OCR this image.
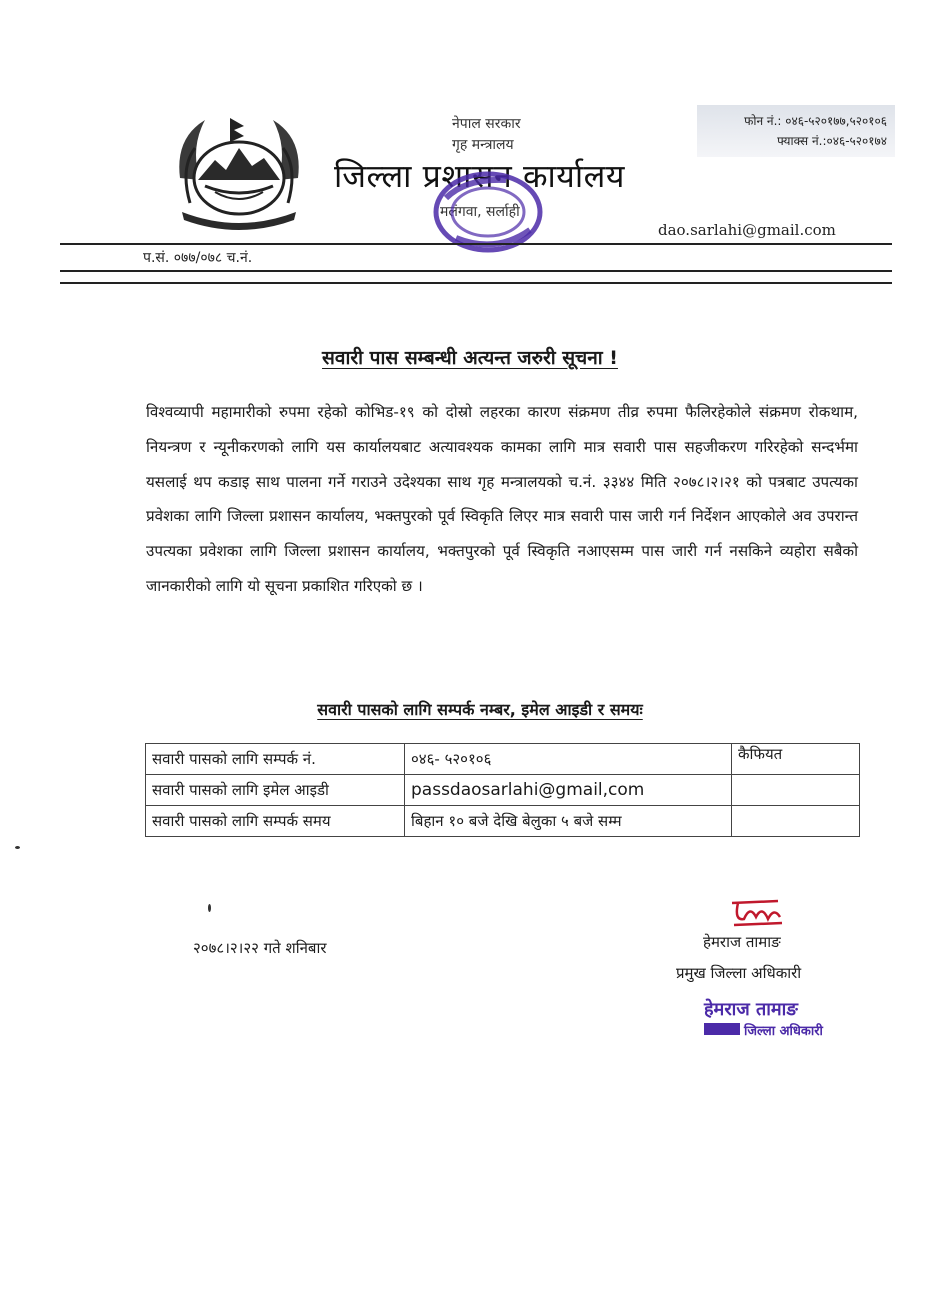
नेपाल सरकार
गृह मन्त्रालय
जिल्ला प्रशासन कार्यालय
मलंगवा, सर्लाही
फोन नं.: ०४६-५२०१७७,५२०१०६
फ्याक्स नं.:०४६-५२०१७४
dao.sarlahi@gmail.com
प.सं. ०७७/०७८ च.नं.
सवारी पास सम्बन्धी अत्यन्त जरुरी सूचना !
विश्वव्यापी महामारीको रुपमा रहेको कोभिड-१९ को दोस्रो लहरका कारण संक्रमण तीव्र रुपमा फैलिरहेकोले संक्रमण रोकथाम, नियन्त्रण र न्यूनीकरणको लागि यस कार्यालयबाट अत्यावश्यक कामका लागि मात्र सवारी पास सहजीकरण गरिरहेको सन्दर्भमा यसलाई थप कडाइ साथ पालना गर्ने गराउने उदेश्यका साथ गृह मन्त्रालयको च.नं. ३३४४ मिति २०७८।२।२१ को पत्रबाट उपत्यका प्रवेशका लागि जिल्ला प्रशासन कार्यालय, भक्तपुरको पूर्व स्विकृति लिएर मात्र सवारी पास जारी गर्न निर्देशन आएकोले अव उपरान्त उपत्यका प्रवेशका लागि जिल्ला प्रशासन कार्यालय, भक्तपुरको पूर्व स्विकृति नआएसम्म पास जारी गर्न नसकिने व्यहोरा सबैको जानकारीको लागि यो सूचना प्रकाशित गरिएको छ ।
सवारी पासको लागि सम्पर्क नम्बर, इमेल आइडी र समयः
सवारी पासको लागि सम्पर्क नं.	०४६- ५२०१०६	कैफियत
सवारी पासको लागि इमेल आइडी	passdaosarlahi@gmail,com	
सवारी पासको लागि सम्पर्क समय	बिहान १० बजे देखि बेलुका ५ बजे सम्म	
२०७८।२।२२ गते शनिबार	हेमराज तामाङ
प्रमुख जिल्ला अधिकारी
हेमराज तामाङ
जिल्ला अधिकारी
